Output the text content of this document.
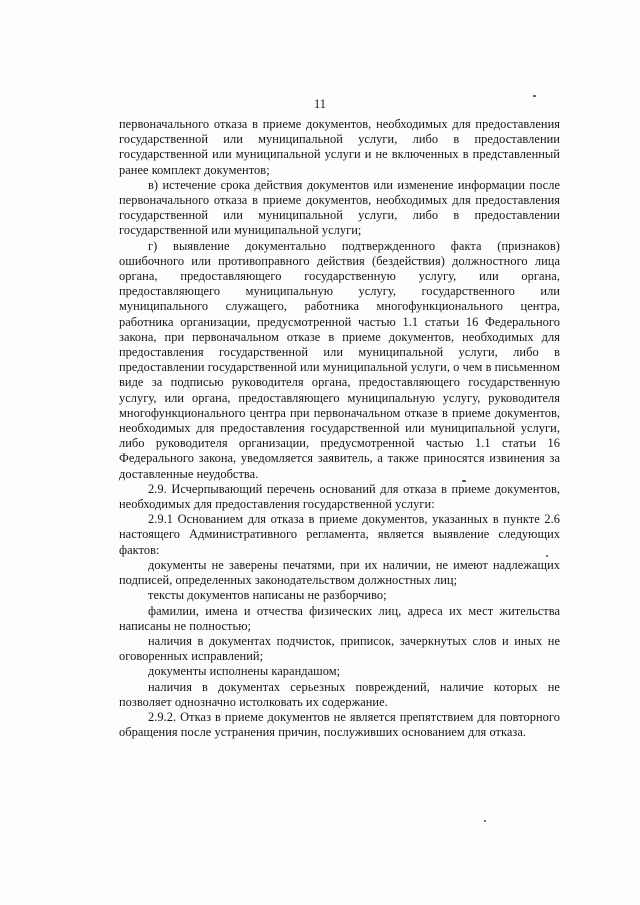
11

первоначального отказа в приеме документов, необходимых для предоставления государственной или муниципальной услуги, либо в предоставлении государственной или муниципальной услуги и не включенных в представленный ранее комплект документов;

в) истечение срока действия документов или изменение информации после первоначального отказа в приеме документов, необходимых для предоставления государственной или муниципальной услуги, либо в предоставлении государственной или муниципальной услуги;

г) выявление документально подтвержденного факта (признаков) ошибочного или противоправного действия (бездействия) должностного лица органа, предоставляющего государственную услугу, или органа, предоставляющего муниципальную услугу, государственного или муниципального служащего, работника многофункционального центра, работника организации, предусмотренной частью 1.1 статьи 16 Федерального закона, при первоначальном отказе в приеме документов, необходимых для предоставления государственной или муниципальной услуги, либо в предоставлении государственной или муниципальной услуги, о чем в письменном виде за подписью руководителя органа, предоставляющего государственную услугу, или органа, предоставляющего муниципальную услугу, руководителя многофункционального центра при первоначальном отказе в приеме документов, необходимых для предоставления государственной или муниципальной услуги, либо руководителя организации, предусмотренной частью 1.1 статьи 16 Федерального закона, уведомляется заявитель, а также приносятся извинения за доставленные неудобства.

2.9. Исчерпывающий перечень оснований для отказа в приеме документов, необходимых для предоставления государственной услуги:

2.9.1 Основанием для отказа в приеме документов, указанных в пункте 2.6 настоящего Административного регламента, является выявление следующих фактов:

документы не заверены печатями, при их наличии, не имеют надлежащих подписей, определенных законодательством должностных лиц;

тексты документов написаны не разборчиво;

фамилии, имена и отчества физических лиц, адреса их мест жительства написаны не полностью;

наличия в документах подчисток, приписок, зачеркнутых слов и иных не оговоренных исправлений;

документы исполнены карандашом;

наличия в документах серьезных повреждений, наличие которых не позволяет однозначно истолковать их содержание.

2.9.2. Отказ в приеме документов не является препятствием для повторного обращения после устранения причин, послуживших основанием для отказа.
